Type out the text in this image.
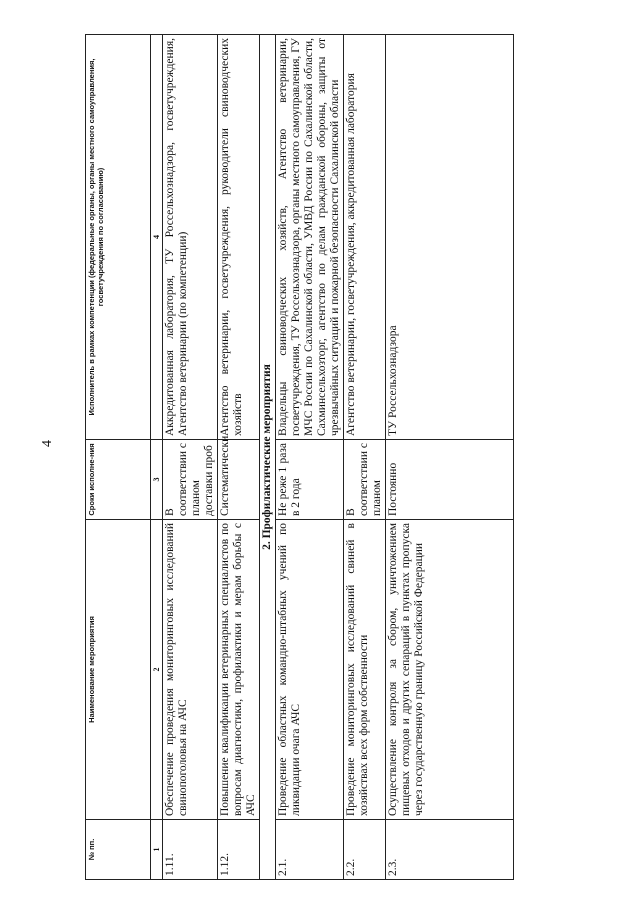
4
№ пп.	Наименование мероприятия	Сроки исполне-ния	Исполнитель в рамках компетенции (федеральные органы, органы местного самоуправления, госветучреждения по согласованию)
1	2	3	4
1.11.	Обеспечение проведения мониторинговых исследований свинопоголовья на АЧС	В соответствии с планом доставки проб	Аккредитованная лаборатория, ТУ Россельхознадзора, госветучреждения, Агентство ветеринарии (по компетенции)
1.12.	Повышение квалификации ветеринарных специалистов по вопросам диагностики, профилактики и мерам борьбы с АЧС	Систематически	Агентство ветеринарии, госветучреждения, руководители свиноводческих хозяйств
2. Профилактические мероприятия			
2.1.	Проведение областных командно-штабных учений по ликвидации очага АЧС	Не реже 1 раза в 2 года	Владельцы свиноводческих хозяйств, Агентство ветеринарии, госветучреждения, ТУ Россельхознадзора, органы местного самоуправления, ГУ МЧС России по Сахалинской области, УМВД России по Сахалинской области, Сахминсельхозторг, агентство по делам гражданской обороны, защиты от чрезвычайных ситуаций и пожарной безопасности Сахалинской области
2.2.	Проведение мониторинговых исследований свиней в хозяйствах всех форм собственности	В соответствии с планом	Агентство ветеринарии, госветучреждения, аккредитованная лаборатория
2.3.	Осуществление контроля за сбором, уничтожением пищевых отходов и других сепараций в пунктах пропуска через государственную границу Российской Федерации	Постоянно	ТУ Россельхознадзора
